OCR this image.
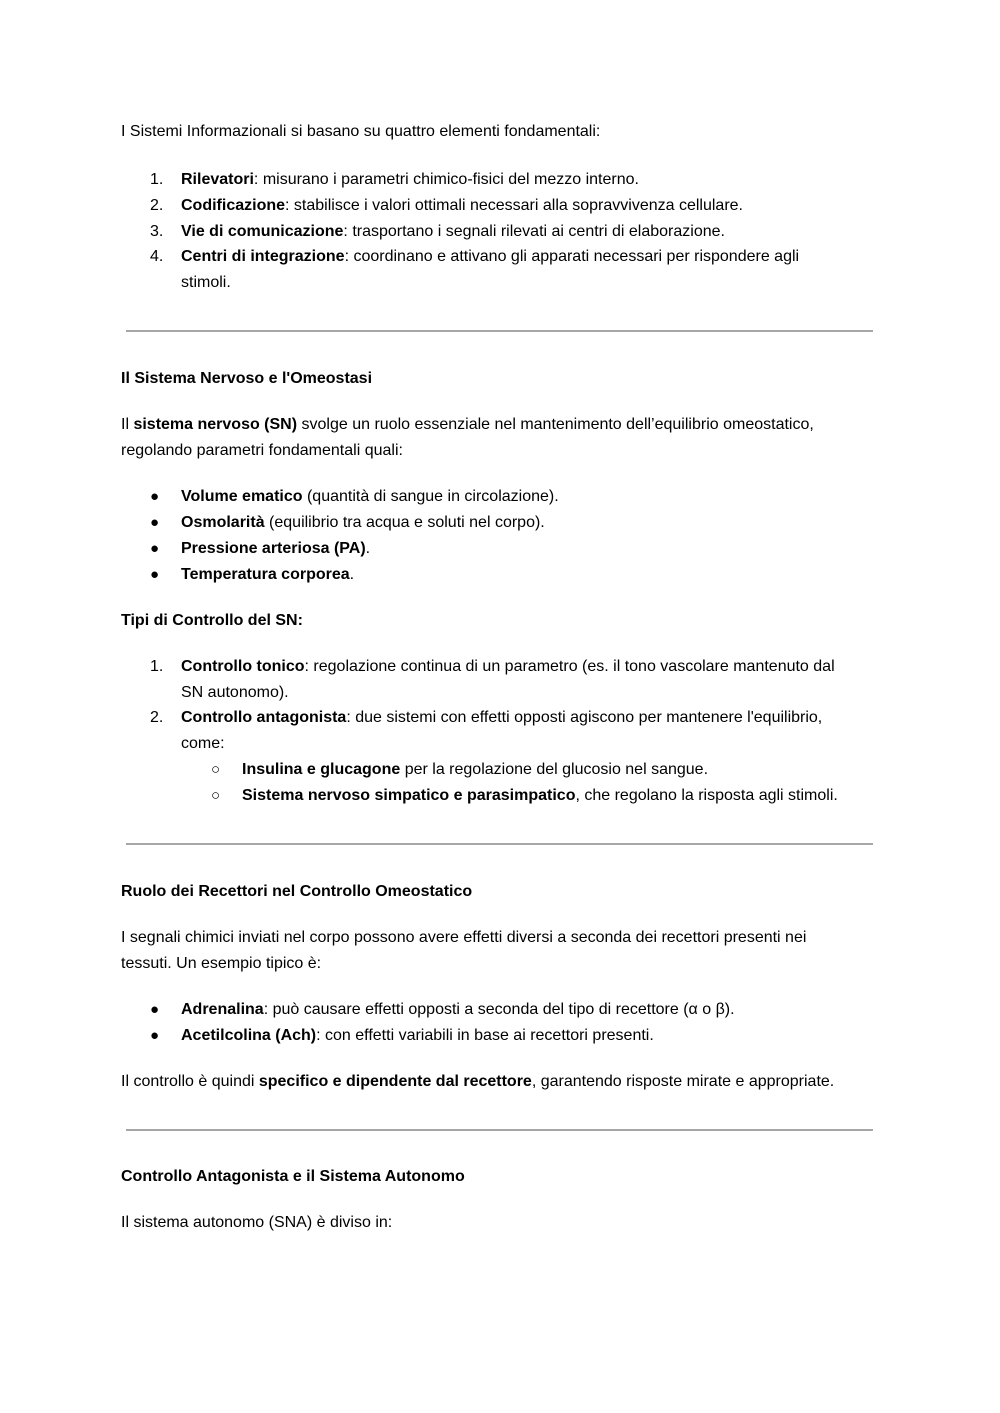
I Sistemi Informazionali si basano su quattro elementi fondamentali:
1. Rilevatori: misurano i parametri chimico-fisici del mezzo interno.
2. Codificazione: stabilisce i valori ottimali necessari alla sopravvivenza cellulare.
3. Vie di comunicazione: trasportano i segnali rilevati ai centri di elaborazione.
4. Centri di integrazione: coordinano e attivano gli apparati necessari per rispondere agli
stimoli.
Il Sistema Nervoso e l'Omeostasi
Il sistema nervoso (SN) svolge un ruolo essenziale nel mantenimento dell’equilibrio omeostatico,
regolando parametri fondamentali quali:
● Volume ematico (quantità di sangue in circolazione).
● Osmolarità (equilibrio tra acqua e soluti nel corpo).
● Pressione arteriosa (PA).
● Temperatura corporea.
Tipi di Controllo del SN:
1. Controllo tonico: regolazione continua di un parametro (es. il tono vascolare mantenuto dal
SN autonomo).
2. Controllo antagonista: due sistemi con effetti opposti agiscono per mantenere l'equilibrio,
come:
○ Insulina e glucagone per la regolazione del glucosio nel sangue.
○ Sistema nervoso simpatico e parasimpatico, che regolano la risposta agli stimoli.
Ruolo dei Recettori nel Controllo Omeostatico
I segnali chimici inviati nel corpo possono avere effetti diversi a seconda dei recettori presenti nei
tessuti. Un esempio tipico è:
● Adrenalina: può causare effetti opposti a seconda del tipo di recettore (α o β).
● Acetilcolina (Ach): con effetti variabili in base ai recettori presenti.
Il controllo è quindi specifico e dipendente dal recettore, garantendo risposte mirate e appropriate.
Controllo Antagonista e il Sistema Autonomo
Il sistema autonomo (SNA) è diviso in:
